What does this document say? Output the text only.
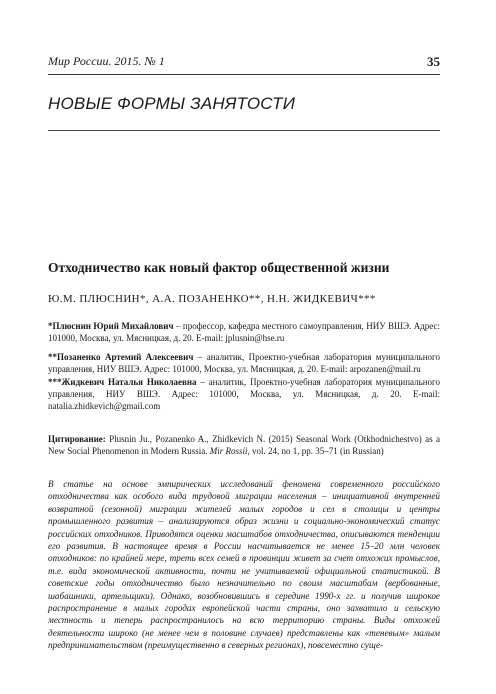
Мир России. 2015. № 1	35
НОВЫЕ ФОРМЫ ЗАНЯТОСТИ
Отходничество как новый фактор общественной жизни
Ю.М. ПЛЮСНИН*, А.А. ПОЗАНЕНКО**, Н.Н. ЖИДКЕВИЧ***
*Плюснин Юрий Михайлович – профессор, кафедра местного самоуправления, НИУ ВШЭ. Адрес: 101000, Москва, ул. Мясницкая, д. 20. E-mail: jplusnin@hse.ru
**Позаненко Артемий Алексеевич – аналитик, Проектно-учебная лаборатория муниципального управления, НИУ ВШЭ. Адрес: 101000, Москва, ул. Мясницкая, д. 20. E-mail: arpozanen@mail.ru
***Жидкевич Наталья Николаевна – аналитик, Проектно-учебная лаборатория муниципального управления, НИУ ВШЭ. Адрес: 101000, Москва, ул. Мясницкая, д. 20. E-mail: natalia.zhidkevich@gmail.com
Цитирование: Plusnin Ju., Pozanenko A., Zhidkevich N. (2015) Seasonal Work (Otkhodnichestvo) as a New Social Phenomenon in Modern Russia. Mir Rossii, vol. 24, no 1, pp. 35–71 (in Russian)

В статье на основе эмпирических исследований феномена современного российского отходничества как особого вида трудовой миграции населения – инициативной внутренней возвратной (сезонной) миграции жителей малых городов и сел в столицы и центры промышленного развития – анализируются образ жизни и социально-экономический статус российских отходников. Приводятся оценки масштабов отходничества, описываются тенденции его развития. В настоящее время в России насчитывается не менее 15–20 млн человек отходников: по крайней мере, треть всех семей в провинции живет за счет отхожих промыслов, т.е. вида экономической активности, почти не учитываемой официальной статистикой. В советские годы отходничество было незначительно по своим масштабам (вербованные, шабашники, артельщики). Однако, возобновившись в середине 1990-х гг. и получив широкое распространение в малых городах европейской части страны, оно захватило и сельскую местность и теперь распространилось на всю территорию страны. Виды отхожей деятельности широко (не менее чем в половине случаев) представлены как «теневым» малым предпринимательством (преимущественно в северных регионах), повсеместно суще-
